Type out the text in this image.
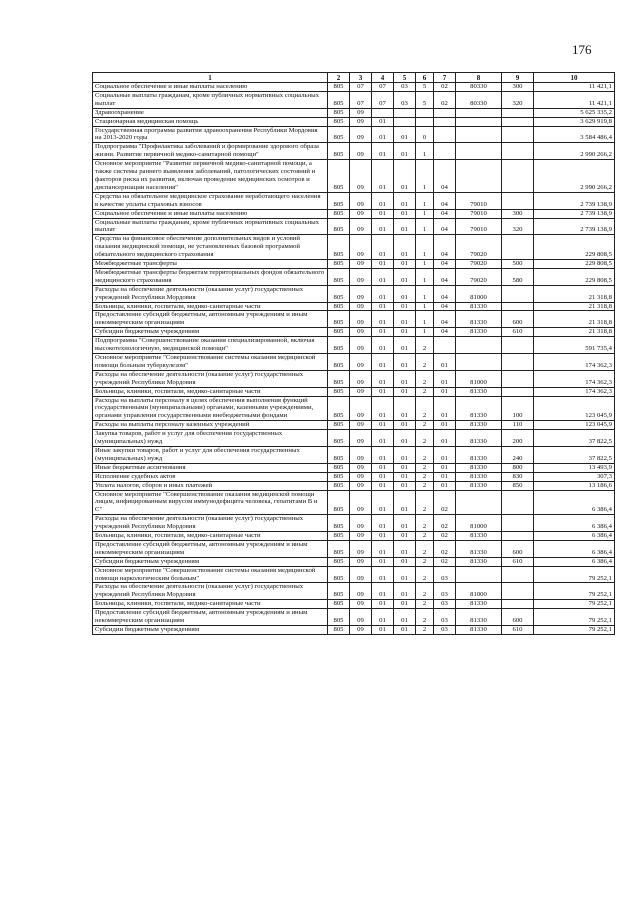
176
1	2	3	4	5	6	7	8	9	10
Социальное обеспечение и иные выплаты населению	805	07	07	03	5	02	80330	300	11 421,1
Социальные выплаты гражданам, кроме публичных нормативных социальных выплат	805	07	07	03	5	02	80330	320	11 421,1
Здравоохранение	805	09							5 625 335,2
Стационарная медицинская помощь	805	09	01						3 629 919,8
Государственная программа развития здравоохранения Республики Мордовия на 2013-2020 годы	805	09	01	01	0				3 584 486,4
Подпрограмма "Профилактика заболеваний и формирование здорового образа жизни. Развитие первичной медико-санитарной помощи"	805	09	01	01	1				2 990 266,2
Основное мероприятие "Развитие первичной медико-санитарной помощи, а также системы раннего выявления заболеваний, патологических состояний и факторов риска их развития, включая проведение медицинских осмотров и диспансеризации населения"	805	09	01	01	1	04			2 990 266,2
Средства на обязательное медицинское страхование неработающего населения в качестве уплаты страховых взносов	805	09	01	01	1	04	79010		2 739 138,9
Социальное обеспечение и иные выплаты населению	805	09	01	01	1	04	79010	300	2 739 138,9
Социальные выплаты гражданам, кроме публичных нормативных социальных выплат	805	09	01	01	1	04	79010	320	2 739 138,9
Средства на финансовое обеспечение дополнительных видов и условий оказания медицинской помощи, не установленных базовой программой обязательного медицинского страхования	805	09	01	01	1	04	79020		229 808,5
Межбюджетные трансферты	805	09	01	01	1	04	79020	500	229 808,5
Межбюджетные трансферты бюджетам территориальных фондов обязательного медицинского страхования	805	09	01	01	1	04	79020	580	229 808,5
Расходы на обеспечение деятельности (оказание услуг) государственных учреждений Республики Мордовия	805	09	01	01	1	04	81000		21 318,8
Больницы, клиники, госпитали, медико-санитарные части	805	09	01	01	1	04	81330		21 318,8
Предоставление субсидий бюджетным, автономным учреждениям и иным некоммерческим организациям	805	09	01	01	1	04	81330	600	21 318,8
Субсидии бюджетным учреждениям	805	09	01	01	1	04	81330	610	21 318,8
Подпрограмма "Совершенствование оказания специализированной, включая высокотехнологичную, медицинской помощи"	805	09	01	01	2				591 735,4
Основное мероприятие "Совершенствование системы оказания медицинской помощи больным туберкулезом"	805	09	01	01	2	01			174 362,3
Расходы на обеспечение деятельности (оказание услуг) государственных учреждений Республики Мордовия	805	09	01	01	2	01	81000		174 362,3
Больницы, клиники, госпитали, медико-санитарные части	805	09	01	01	2	01	81330		174 362,3
Расходы на выплаты персоналу в целях обеспечения выполнения функций государственными (муниципальными) органами, казенными учреждениями, органами управления государственными внебюджетными фондами	805	09	01	01	2	01	81330	100	123 045,9
Расходы на выплаты персоналу казенных учреждений	805	09	01	01	2	01	81330	110	123 045,9
Закупка товаров, работ и услуг для обеспечения государственных (муниципальных) нужд	805	09	01	01	2	01	81330	200	37 822,5
Иные закупки товаров, работ и услуг для обеспечения государственных (муниципальных) нужд	805	09	01	01	2	01	81330	240	37 822,5
Иные бюджетные ассигнования	805	09	01	01	2	01	81330	800	13 493,9
Исполнение судебных актов	805	09	01	01	2	01	81330	830	307,3
Уплата налогов, сборов и иных платежей	805	09	01	01	2	01	81330	850	13 186,6
Основное мероприятие "Совершенствование оказания медицинской помощи лицам, инфицированным вирусом иммунодефицита человека, гепатитами В и С"	805	09	01	01	2	02			6 386,4
Расходы на обеспечение деятельности (оказание услуг) государственных учреждений Республики Мордовия	805	09	01	01	2	02	81000		6 386,4
Больницы, клиники, госпитали, медико-санитарные части	805	09	01	01	2	02	81330		6 386,4
Предоставление субсидий бюджетным, автономным учреждениям и иным некоммерческим организациям	805	09	01	01	2	02	81330	600	6 386,4
Субсидии бюджетным учреждениям	805	09	01	01	2	02	81330	610	6 386,4
Основное мероприятие "Совершенствование системы оказания медицинской помощи наркологическим больным"	805	09	01	01	2	03			79 252,1
Расходы на обеспечение деятельности (оказание услуг) государственных учреждений Республики Мордовия	805	09	01	01	2	03	81000		79 252,1
Больницы, клиники, госпитали, медико-санитарные части	805	09	01	01	2	03	81330		79 252,1
Предоставление субсидий бюджетным, автономным учреждениям и иным некоммерческим организациям	805	09	01	01	2	03	81330	600	79 252,1
Субсидии бюджетным учреждениям	805	09	01	01	2	03	81330	610	79 252,1
